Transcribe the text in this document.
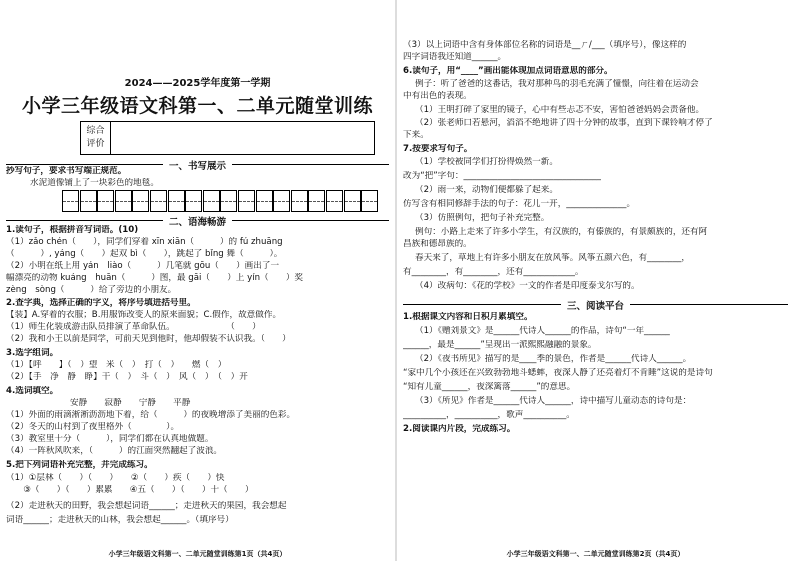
2024——2025学年度第一学期
小学三年级语文科第一、二单元随堂训练
综合
评价
一、书写展示
抄写句子，要求书写端正规范。
水泥道像铺上了一块彩色的地毯。
二、语海畅游
1.读句子，根据拼音写词语。(10)
（1）zǎo chén（　　），同学们穿着 xīn xiān（　　　）的 fú zhuāng
（　　　）, yáng（　　）起双 bì（　　），跳起了 bǐng 舞（　　　）。
（2）小明在纸上用 yán　liào（　　　）几笔就 gōu（　　）画出了一
幅漂亮的动物 kuáng　huān（　　　）图，最 gāi（　　）上 yín（　　）奖
zèng　sòng（　　　）给了旁边的小朋友。
2.查字典，选择正确的字义，将序号填进括号里。
【装】A.穿着的衣服；B.用服饰改变人的原来面貌；C.假作，故意做作。
（1）师生化装成游击队员排演了革命队伍。　　　　　　　（　　）
（2）我和小王以前是同学，可前天见到他时，他却假装不认识我。（　　）
3.选字组词。
（1）【呼　　】（　）望　米（　）　打（　）　　燃（　）
（2）【手　净　静　睁】干（　）　斗（　）　风（　）　（　）开
4.选词填空。
安静　　寂静　　宁静　　平静
（1）外面的雨滴淅淅沥沥地下着，给（　　　）的夜晚增添了美丽的色彩。
（2）冬天的山村到了夜里格外（　　　　）。
（3）教室里十分（　　　），同学们都在认真地做题。
（4）一阵秋风吹来，（　　　）的江面突然翻起了波浪。
5.把下列词语补充完整，并完成练习。
（1）①层林（　　）（　　）　　②（　　）疾（　　）快
　　③（　　）（　　）累累　　④五（　　）（　　）十（　　）
（2）走进秋天的田野，我会想起词语______；走进秋天的果园，我会想起
词语______；走进秋天的山林，我会想起______。（填序号）
小学三年级语文科第一、二单元随堂训练第1页（共4页）
（3）以上词语中含有身体部位名称的词语是__ㄏ/___（填序号），像这样的
四字词语我还知道______。
6.读句子，用“____”画出能体现加点词语意思的部分。
例子：听了爸爸的这番话，我对那种鸟的羽毛充满了憧憬，向往着在运动会
中有出色的表现。
（1）王明打碎了家里的镜子，心中有些忐忑不安，害怕爸爸妈妈会责备他。
（2）张老师口若悬河，滔滔不绝地讲了四十分钟的故事，直到下课铃响才停了
下来。
7.按要求写句子。
（1）学校被同学们打扮得焕然一新。
改为“把”字句：________________________________
（2）雨一来，动物们便都躲了起来。
仿写含有相同修辞手法的句子：花儿一开，______________。
（3）仿照例句，把句子补充完整。
例句：小路上走来了许多小学生，有汉族的，有傣族的，有景颇族的，还有阿
昌族和德昂族的。
春天来了，草地上有许多小朋友在放风筝。风筝五颜六色，有________，
有________，有________，还有____________。
（4）改病句：《花的学校》一文的作者是印度泰戈尔写的。
三、阅读平台
1.根据课文内容和日积月累填空。
（1）《赠刘景文》是______代诗人______的作品，诗句“一年______
______，最是______”呈现出一派熙熙融融的景象。
（2）《夜书所见》描写的是____季的景色，作者是______代诗人______。
“家中几个小孩还在兴致勃勃地斗蟋蟀，夜深人静了还亮着灯不肯睡”这说的是诗句
“知有儿童______，夜深篱落______”的意思。
（3）《所见》作者是______代诗人______，诗中描写儿童动态的诗句是：
__________，__________，歌声__________。
2.阅读课内片段，完成练习。
小学三年级语文科第一、二单元随堂训练第2页（共4页）
